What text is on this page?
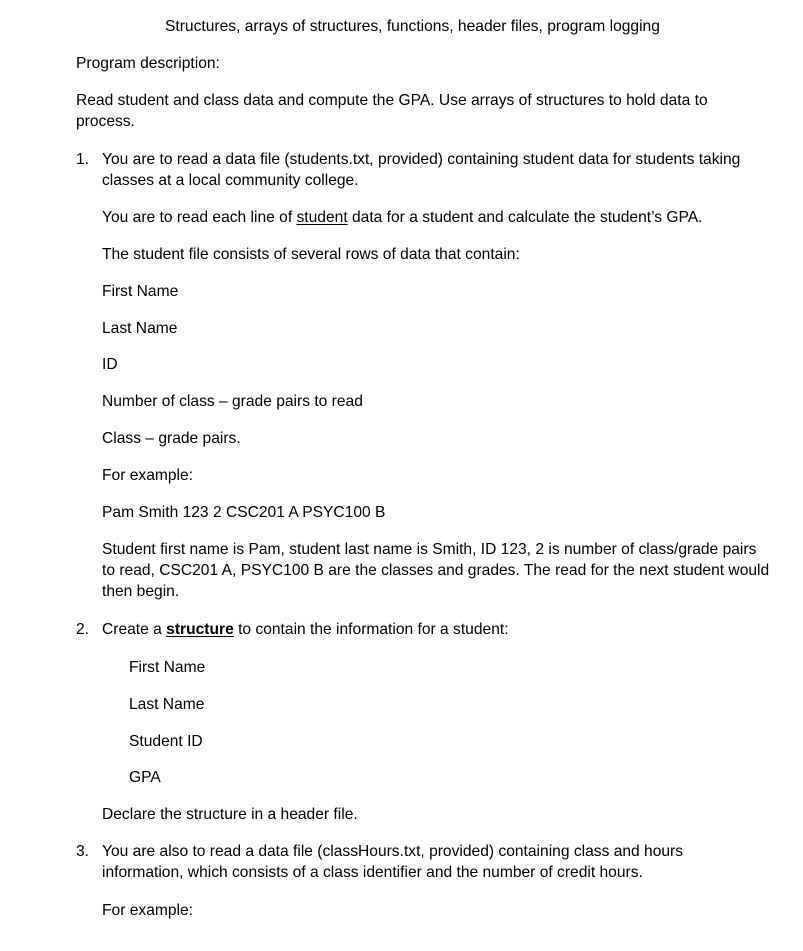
Structures, arrays of structures, functions, header files, program logging
Program description:
Read student and class data and compute the GPA. Use arrays of structures to hold data to process.
1. You are to read a data file (students.txt, provided) containing student data for students taking classes at a local community college.
You are to read each line of student data for a student and calculate the student’s GPA.
The student file consists of several rows of data that contain:
First Name
Last Name
ID
Number of class – grade pairs to read
Class – grade pairs.
For example:
Pam Smith 123 2 CSC201 A PSYC100 B
Student first name is Pam, student last name is Smith, ID 123, 2 is number of class/grade pairs to read, CSC201 A, PSYC100 B are the classes and grades. The read for the next student would then begin.
2. Create a structure to contain the information for a student:
First Name
Last Name
Student ID
GPA
Declare the structure in a header file.
3. You are also to read a data file (classHours.txt, provided) containing class and hours information, which consists of a class identifier and the number of credit hours.
For example:
